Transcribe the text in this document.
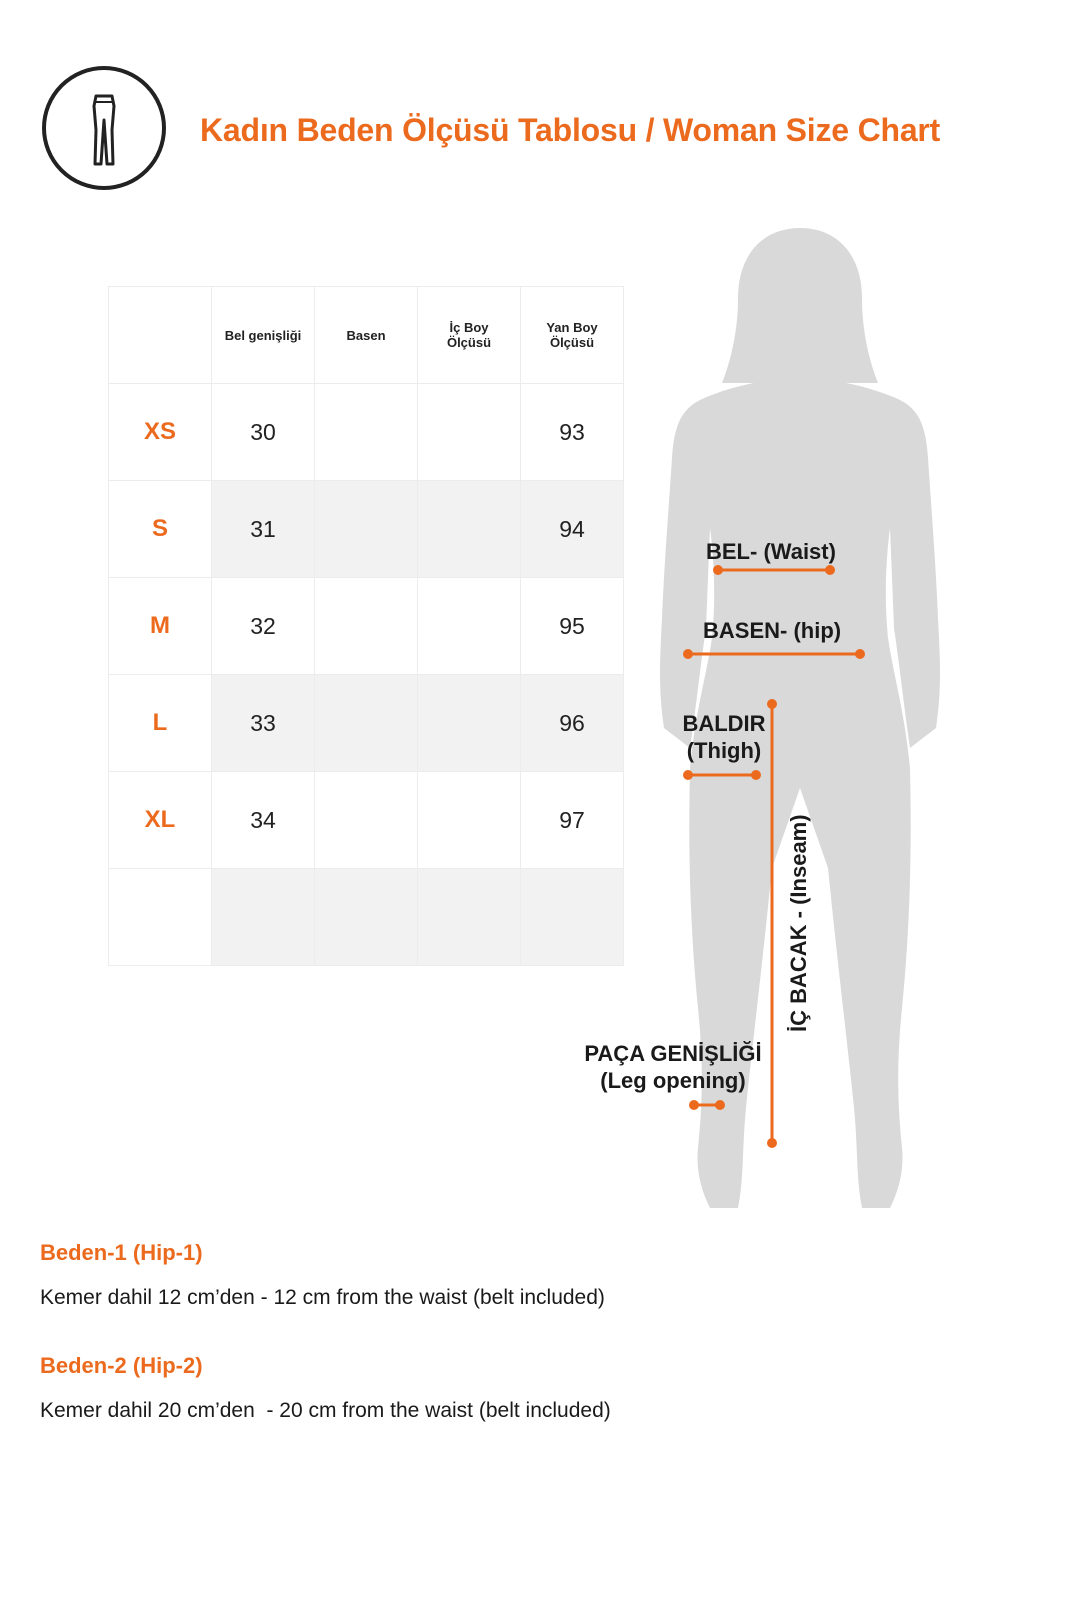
Kadın Beden Ölçüsü Tablosu / Woman Size Chart
	Bel genişliği	Basen	İç Boy Ölçüsü	Yan Boy Ölçüsü

XS	30			93
S	31			94
M	32			95
L	33			96
XL	34			97

BEL- (Waist)
BASEN- (hip)
BALDIR
(Thigh)
İÇ BACAK - (Inseam)
PAÇA GENİŞLİĞİ
(Leg opening)
Beden-1 (Hip-1)
Kemer dahil 12 cm’den - 12 cm from the waist (belt included)
Beden-2 (Hip-2)
Kemer dahil 20 cm’den  - 20 cm from the waist (belt included)
